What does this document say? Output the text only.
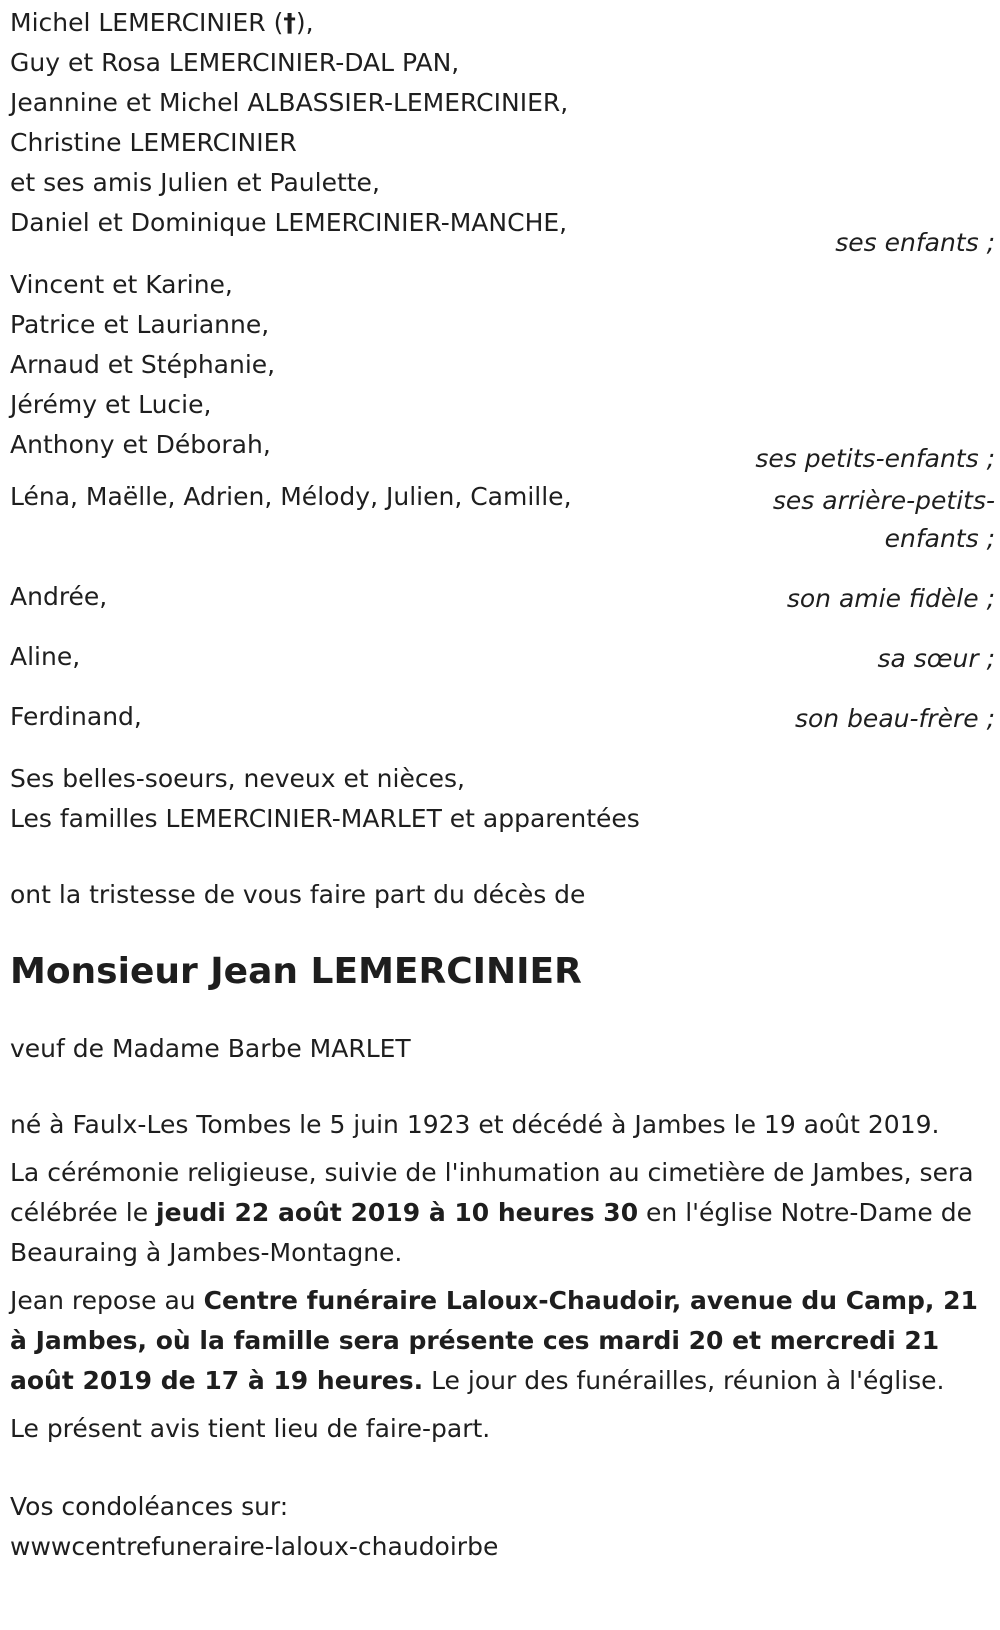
Michel LEMERCINIER (†),
Guy et Rosa LEMERCINIER-DAL PAN,
Jeannine et Michel ALBASSIER-LEMERCINIER,
Christine LEMERCINIER
et ses amis Julien et Paulette,
Daniel et Dominique LEMERCINIER-MANCHE,
ses enfants ;
Vincent et Karine,
Patrice et Laurianne,
Arnaud et Stéphanie,
Jérémy et Lucie,
Anthony et Déborah,	ses petits-enfants ;
Léna, Maëlle, Adrien, Mélody, Julien, Camille,	ses arrière-petits-
enfants ;
Andrée,	son amie fidèle ;
Aline,	sa sœur ;
Ferdinand,	son beau-frère ;
Ses belles-soeurs, neveux et nièces,
Les familles LEMERCINIER-MARLET et apparentées
ont la tristesse de vous faire part du décès de
Monsieur Jean LEMERCINIER
veuf de Madame Barbe MARLET
né à Faulx-Les Tombes le 5 juin 1923 et décédé à Jambes le 19 août 2019.
La cérémonie religieuse, suivie de l'inhumation au cimetière de Jambes, sera célébrée le jeudi 22 août 2019 à 10 heures 30 en l'église Notre-Dame de Beauraing à Jambes-Montagne.
Jean repose au Centre funéraire Laloux-Chaudoir, avenue du Camp, 21 à Jambes, où la famille sera présente ces mardi 20 et mercredi 21 août 2019 de 17 à 19 heures. Le jour des funérailles, réunion à l'église.
Le présent avis tient lieu de faire-part.
Vos condoléances sur:
wwwcentrefuneraire-laloux-chaudoirbe
